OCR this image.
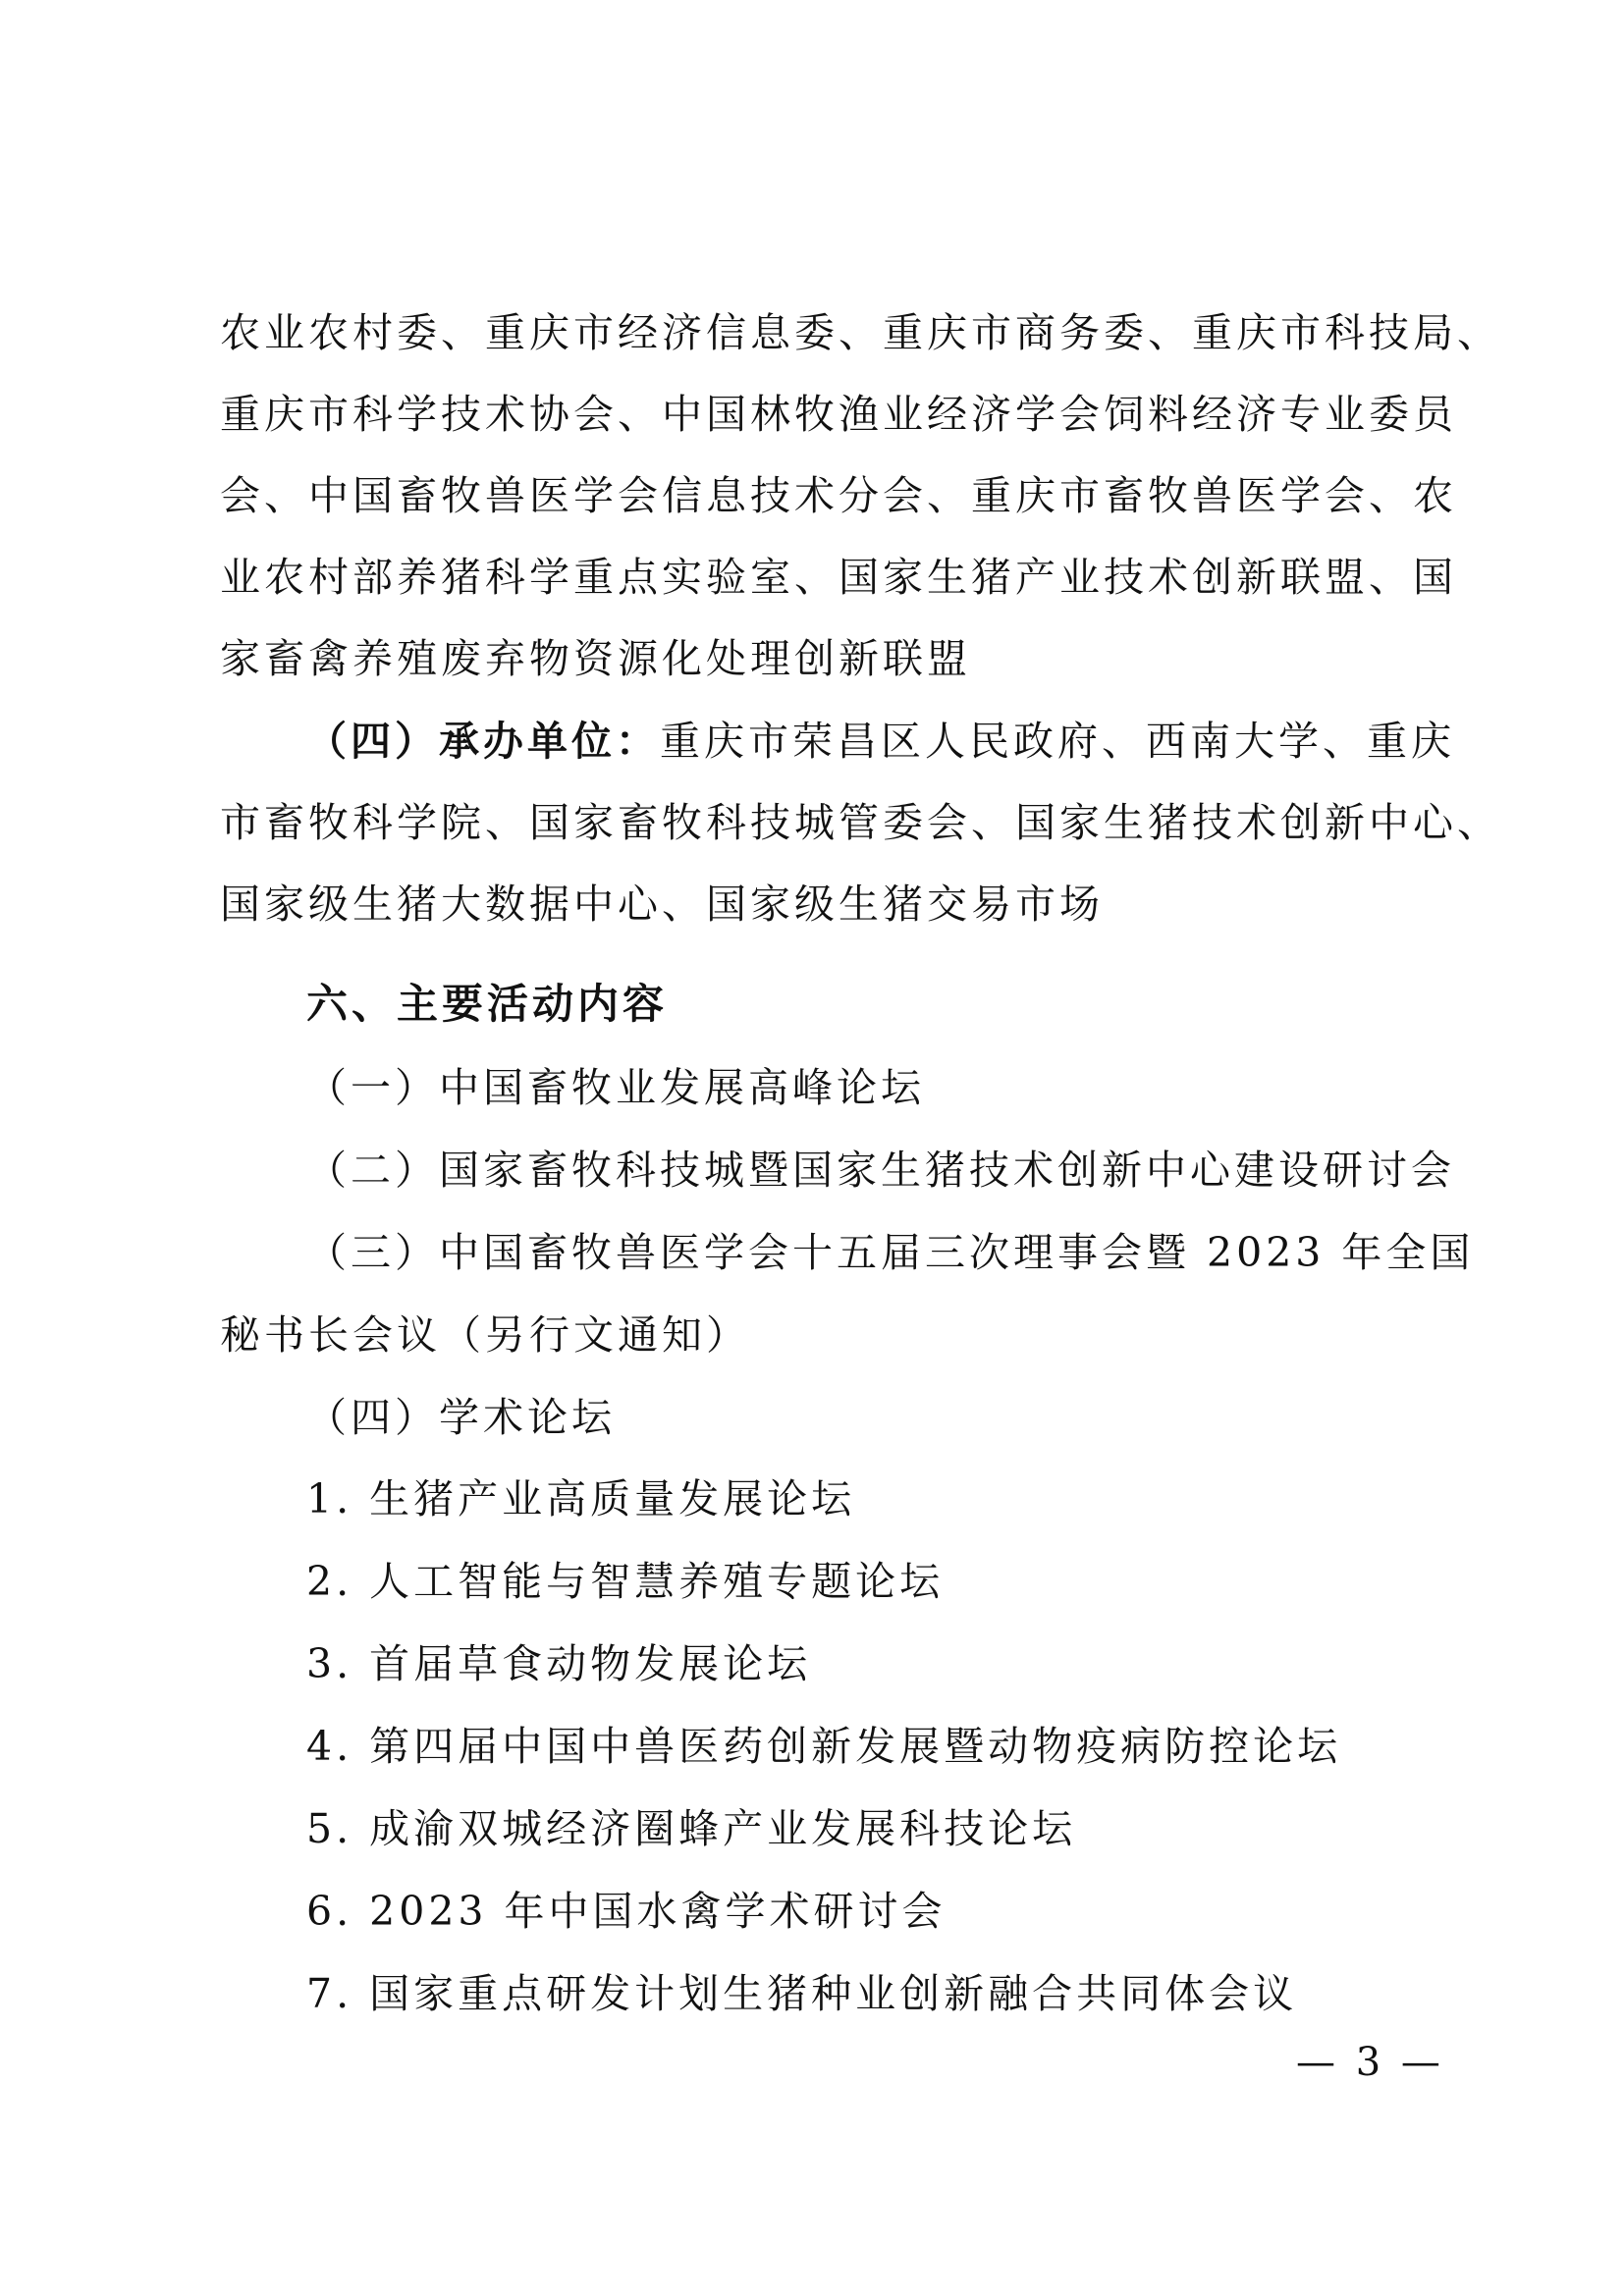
农业农村委、重庆市经济信息委、重庆市商务委、重庆市科技局、
重庆市科学技术协会、中国林牧渔业经济学会饲料经济专业委员
会、中国畜牧兽医学会信息技术分会、重庆市畜牧兽医学会、农
业农村部养猪科学重点实验室、国家生猪产业技术创新联盟、国
家畜禽养殖废弃物资源化处理创新联盟
（四）承办单位：重庆市荣昌区人民政府、西南大学、重庆
市畜牧科学院、国家畜牧科技城管委会、国家生猪技术创新中心、
国家级生猪大数据中心、国家级生猪交易市场

六、主要活动内容

（一）中国畜牧业发展高峰论坛

（二）国家畜牧科技城暨国家生猪技术创新中心建设研讨会

（三）中国畜牧兽医学会十五届三次理事会暨 2023 年全国

秘书长会议（另行文通知）

（四）学术论坛

1. 生猪产业高质量发展论坛

2. 人工智能与智慧养殖专题论坛

3. 首届草食动物发展论坛

4. 第四届中国中兽医药创新发展暨动物疫病防控论坛

5. 成渝双城经济圈蜂产业发展科技论坛

6. 2023 年中国水禽学术研讨会

7. 国家重点研发计划生猪种业创新融合共同体会议

— 3 —
